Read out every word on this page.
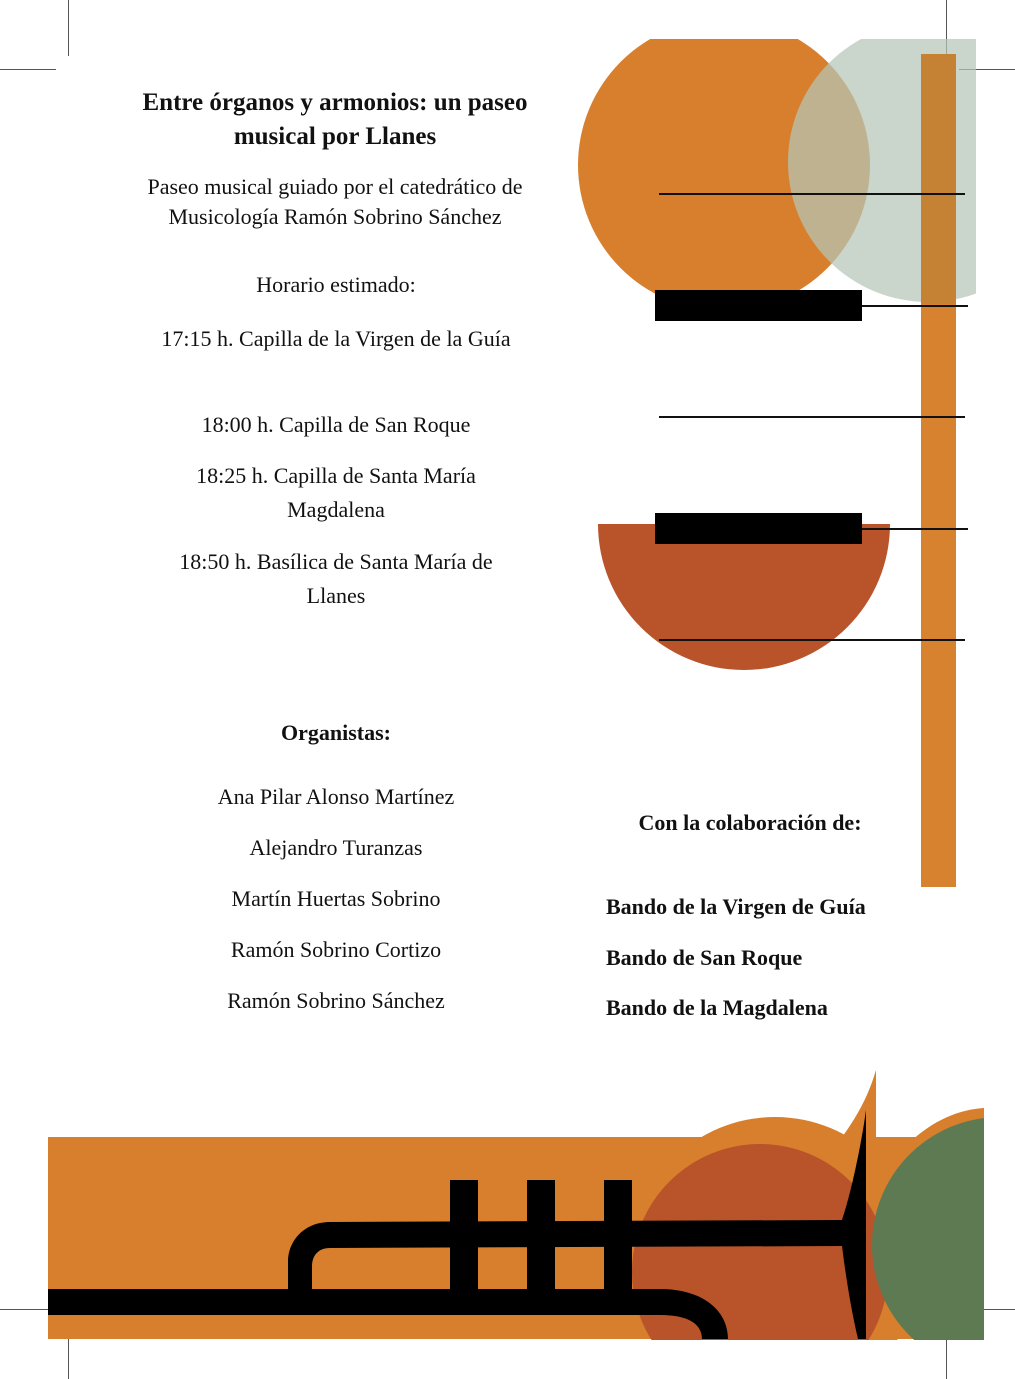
Entre órganos y armonios: un paseo musical por Llanes
Paseo musical guiado por el catedrático de Musicología Ramón Sobrino Sánchez
Horario estimado:
17:15 h. Capilla de la Virgen de la Guía
18:00 h. Capilla de San Roque
18:25 h. Capilla de Santa María Magdalena
18:50 h. Basílica de Santa María de Llanes
Organistas:
Ana Pilar Alonso Martínez
Alejandro Turanzas
Martín Huertas Sobrino
Ramón Sobrino Cortizo
Ramón Sobrino Sánchez
Con la colaboración de:
Bando de la Virgen de Guía
Bando de San Roque
Bando de la Magdalena
